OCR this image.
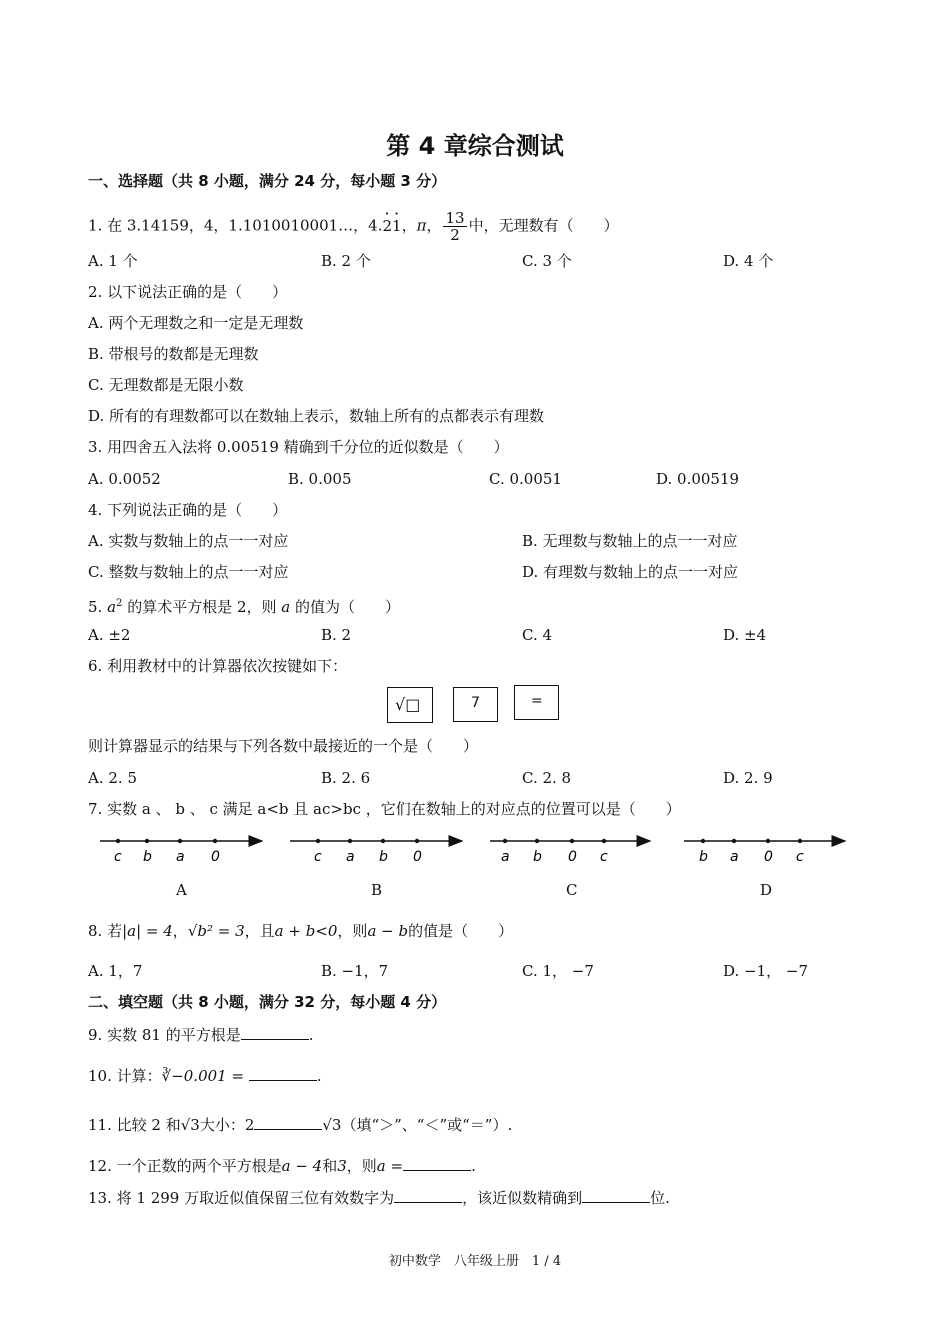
第 4 章综合测试
一、选择题（共 8 小题，满分 24 分，每小题 3 分）
1. 在 3.14159，4，1.1010010001…，4.· 2· 1，π， $\frac{13}{2}$ 中，无理数有（　　）
A. 1 个	B. 2 个	C. 3 个	D. 4 个
2. 以下说法正确的是（　　）
A. 两个无理数之和一定是无理数
B. 带根号的数都是无理数
C. 无理数都是无限小数
D. 所有的有理数都可以在数轴上表示，数轴上所有的点都表示有理数
3. 用四舍五入法将 0.00519 精确到千分位的近似数是（　　）
A. 0.0052	B. 0.005	C. 0.0051	D. 0.00519
4. 下列说法正确的是（　　）
A. 实数与数轴上的点一一对应	B. 无理数与数轴上的点一一对应
C. 整数与数轴上的点一一对应	D. 有理数与数轴上的点一一对应
5. $a^2$ 的算术平方根是 2，则 a 的值为（　　）
A. ±2	B. 2	C. 4	D. ±4
6. 利用教材中的计算器依次按键如下：
√□	7	=
则计算器显示的结果与下列各数中最接近的一个是（　　）
A. 2. 5	B. 2. 6	C. 2. 8	D. 2. 9
7. 实数 a 、 b 、 c 满足 a<b 且 ac>bc ，它们在数轴上的对应点的位置可以是（　　）
c b a 0	c a b 0	a b 0 c	b a 0 c
A	B	C	D
8. 若|a| = 4，√b² = 3，且a + b<0，则a − b的值是（　　）
A. 1，7	B. −1，7	C. 1， −7	D. −1， −7
二、填空题（共 8 小题，满分 32 分，每小题 4 分）
9. 实数 81 的平方根是	.
10. 计算：∛−0.001 =	.
11. 比较 2 和√3大小：2	√3（填“＞”、“＜”或“＝”）.
12. 一个正数的两个平方根是a − 4和3，则a =	.
13. 将 1 299 万取近似值保留三位有效数字为	，该近似数精确到	位.
初中数学　八年级上册　1 / 4
